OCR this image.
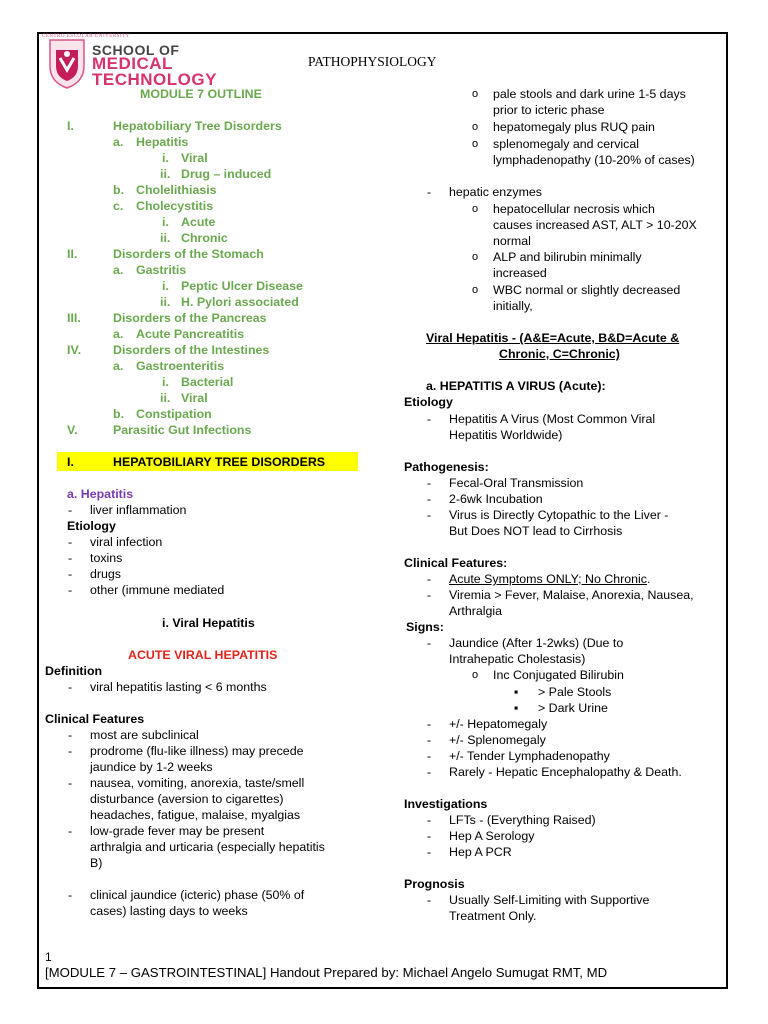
CENTRO ESCOLAR UNIVERSITY
SCHOOL OF
MEDICAL
TECHNOLOGY
PATHOPHYSIOLOGY
MODULE 7 OUTLINE
I.	Hepatobiliary Tree Disorders
a. Hepatitis
i. Viral
ii. Drug – induced
b. Cholelithiasis
c. Cholecystitis
i. Acute
ii. Chronic
II.	Disorders of the Stomach
a. Gastritis
i. Peptic Ulcer Disease
ii. H. Pylori associated
III.	Disorders of the Pancreas
a. Acute Pancreatitis
IV.	Disorders of the Intestines
a. Gastroenteritis
i. Bacterial
ii. Viral
b. Constipation
V.	Parasitic Gut Infections
I.	HEPATOBILIARY TREE DISORDERS
a. Hepatitis
- liver inflammation
Etiology
- viral infection
- toxins
- drugs
- other (immune mediated
i. Viral Hepatitis
ACUTE VIRAL HEPATITIS
Definition
- viral hepatitis lasting < 6 months
Clinical Features
- most are subclinical
- prodrome (flu-like illness) may precede
jaundice by 1-2 weeks
- nausea, vomiting, anorexia, taste/smell
disturbance (aversion to cigarettes)
headaches, fatigue, malaise, myalgias
- low-grade fever may be present
arthralgia and urticaria (especially hepatitis
B)
- clinical jaundice (icteric) phase (50% of
cases) lasting days to weeks
o pale stools and dark urine 1-5 days
prior to icteric phase
o hepatomegaly plus RUQ pain
o splenomegaly and cervical
lymphadenopathy (10-20% of cases)
- hepatic enzymes
o hepatocellular necrosis which
causes increased AST, ALT > 10-20X
normal
o ALP and bilirubin minimally
increased
o WBC normal or slightly decreased
initially,
Viral Hepatitis - (A&E=Acute, B&D=Acute &
Chronic, C=Chronic)
a. HEPATITIS A VIRUS (Acute):
Etiology
- Hepatitis A Virus (Most Common Viral
Hepatitis Worldwide)
Pathogenesis:
- Fecal-Oral Transmission
- 2-6wk Incubation
- Virus is Directly Cytopathic to the Liver -
But Does NOT lead to Cirrhosis
Clinical Features:
- Acute Symptoms ONLY; No Chronic.
- Viremia > Fever, Malaise, Anorexia, Nausea,
Arthralgia
Signs:
- Jaundice (After 1-2wks) (Due to
Intrahepatic Cholestasis)
o Inc Conjugated Bilirubin
▪ > Pale Stools
▪ > Dark Urine
- +/- Hepatomegaly
- +/- Splenomegaly
- +/- Tender Lymphadenopathy
- Rarely - Hepatic Encephalopathy & Death.
Investigations
- LFTs - (Everything Raised)
- Hep A Serology
- Hep A PCR
Prognosis
- Usually Self-Limiting with Supportive
Treatment Only.
1
[MODULE 7 – GASTROINTESTINAL] Handout Prepared by: Michael Angelo Sumugat RMT, MD
